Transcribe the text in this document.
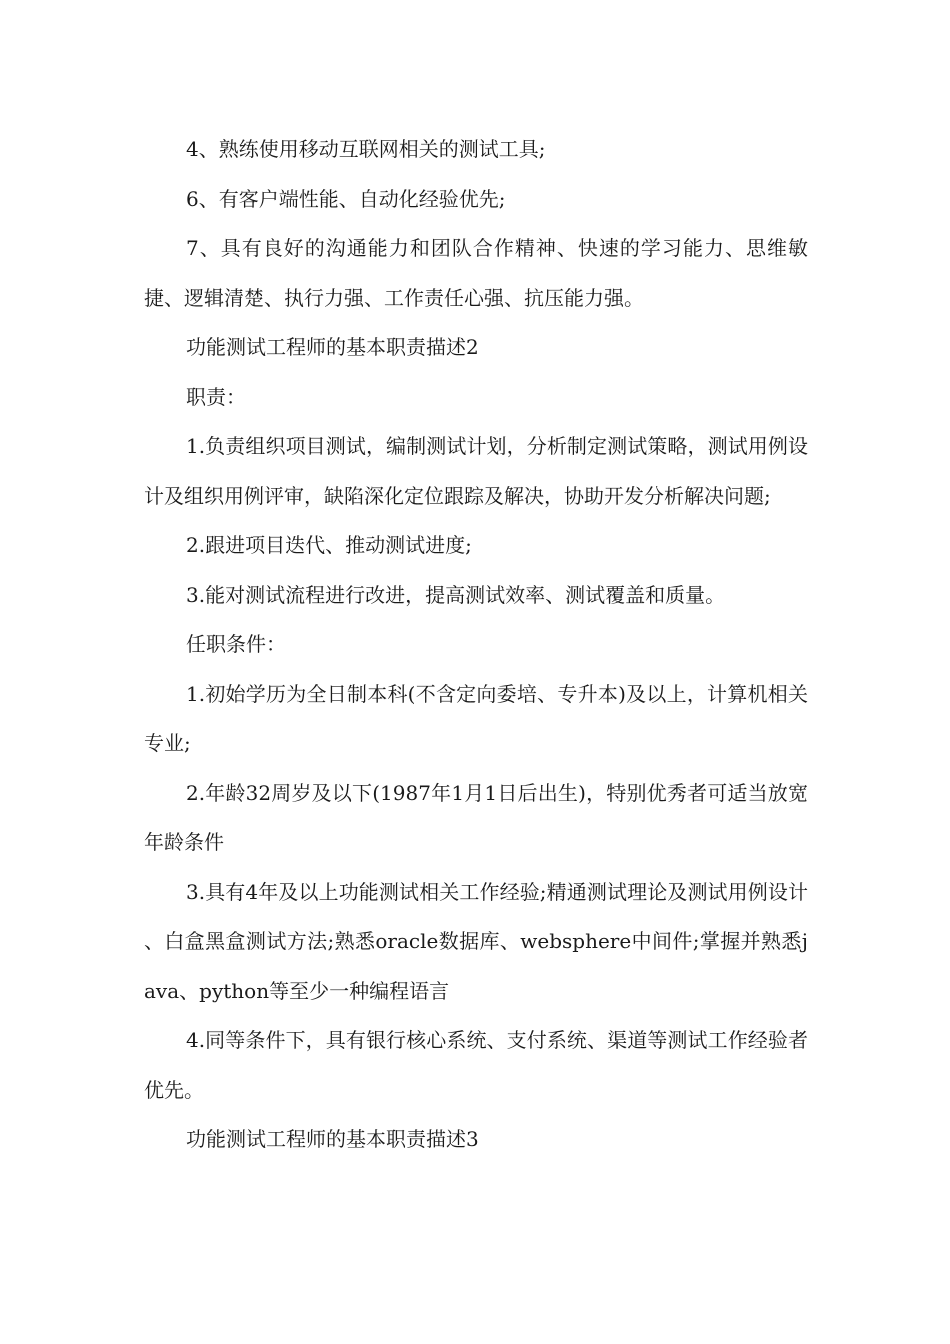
4、熟练使用移动互联网相关的测试工具;

6、有客户端性能、自动化经验优先;

7、具有良好的沟通能力和团队合作精神、快速的学习能力、思维敏捷、逻辑清楚、执行力强、工作责任心强、抗压能力强。

功能测试工程师的基本职责描述2

职责：

1.负责组织项目测试，编制测试计划，分析制定测试策略，测试用例设计及组织用例评审，缺陷深化定位跟踪及解决，协助开发分析解决问题;

2.跟进项目迭代、推动测试进度;

3.能对测试流程进行改进，提高测试效率、测试覆盖和质量。

任职条件：

1.初始学历为全日制本科(不含定向委培、专升本)及以上，计算机相关专业;

2.年龄32周岁及以下(1987年1月1日后出生)，特别优秀者可适当放宽年龄条件

3.具有4年及以上功能测试相关工作经验;精通测试理论及测试用例设计 、白盒黑盒测试方法;熟悉oracle数据库、websphere中间件;掌握并熟悉java、python等至少一种编程语言

4.同等条件下，具有银行核心系统、支付系统、渠道等测试工作经验者优先。

功能测试工程师的基本职责描述3
